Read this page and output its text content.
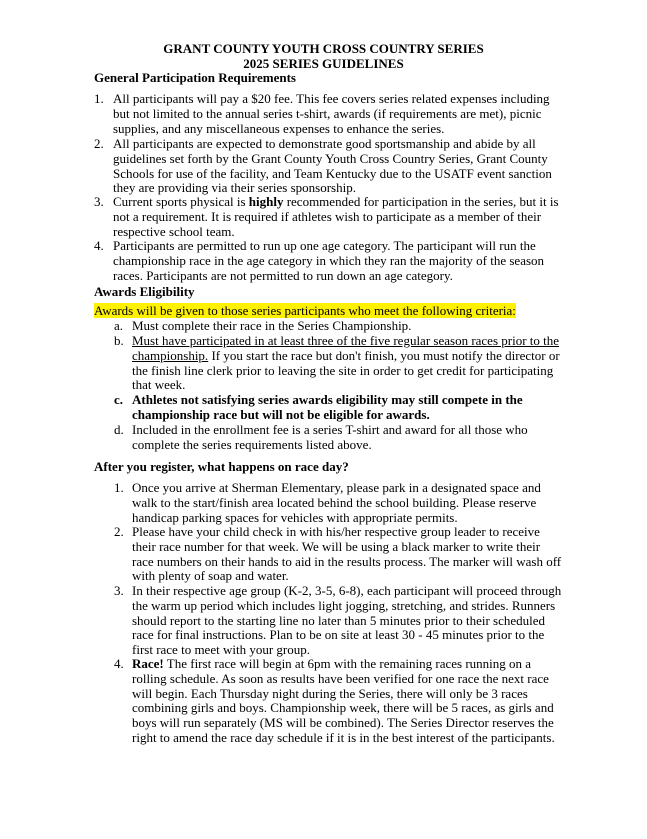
GRANT COUNTY YOUTH CROSS COUNTRY SERIES
2025 SERIES GUIDELINES
General Participation Requirements
1. All participants will pay a $20 fee. This fee covers series related expenses including but not limited to the annual series t-shirt, awards (if requirements are met), picnic supplies, and any miscellaneous expenses to enhance the series.
2. All participants are expected to demonstrate good sportsmanship and abide by all guidelines set forth by the Grant County Youth Cross Country Series, Grant County Schools for use of the facility, and Team Kentucky due to the USATF event sanction they are providing via their series sponsorship.
3. Current sports physical is highly recommended for participation in the series, but it is not a requirement. It is required if athletes wish to participate as a member of their respective school team.
4. Participants are permitted to run up one age category. The participant will run the championship race in the age category in which they ran the majority of the season races. Participants are not permitted to run down an age category.
Awards Eligibility
Awards will be given to those series participants who meet the following criteria:
a. Must complete their race in the Series Championship.
b. Must have participated in at least three of the five regular season races prior to the championship. If you start the race but don't finish, you must notify the director or the finish line clerk prior to leaving the site in order to get credit for participating that week.
c. Athletes not satisfying series awards eligibility may still compete in the championship race but will not be eligible for awards.
d. Included in the enrollment fee is a series T-shirt and award for all those who complete the series requirements listed above.
After you register, what happens on race day?
1. Once you arrive at Sherman Elementary, please park in a designated space and walk to the start/finish area located behind the school building. Please reserve handicap parking spaces for vehicles with appropriate permits.
2. Please have your child check in with his/her respective group leader to receive their race number for that week. We will be using a black marker to write their race numbers on their hands to aid in the results process. The marker will wash off with plenty of soap and water.
3. In their respective age group (K-2, 3-5, 6-8), each participant will proceed through the warm up period which includes light jogging, stretching, and strides. Runners should report to the starting line no later than 5 minutes prior to their scheduled race for final instructions. Plan to be on site at least 30 - 45 minutes prior to the first race to meet with your group.
4. Race! The first race will begin at 6pm with the remaining races running on a rolling schedule. As soon as results have been verified for one race the next race will begin. Each Thursday night during the Series, there will only be 3 races combining girls and boys. Championship week, there will be 5 races, as girls and boys will run separately (MS will be combined). The Series Director reserves the right to amend the race day schedule if it is in the best interest of the participants.
